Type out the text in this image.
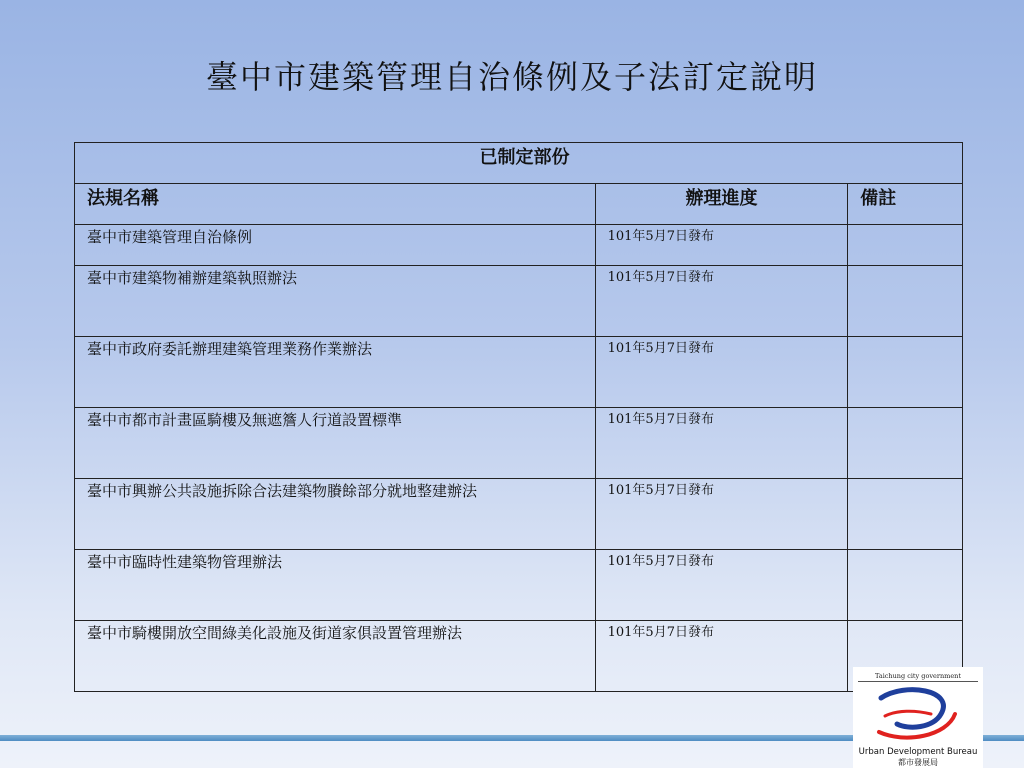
臺中市建築管理自治條例及子法訂定說明
已制定部份		
法規名稱	辦理進度	備註
臺中市建築管理自治條例	101年5月7日發布	
臺中市建築物補辦建築執照辦法	101年5月7日發布	
臺中市政府委託辦理建築管理業務作業辦法	101年5月7日發布	
臺中市都市計畫區騎樓及無遮簷人行道設置標準	101年5月7日發布	
臺中市興辦公共設施拆除合法建築物賸餘部分就地整建辦法	101年5月7日發布	
臺中市臨時性建築物管理辦法	101年5月7日發布	
臺中市騎樓開放空間綠美化設施及街道家俱設置管理辦法	101年5月7日發布	
Taichung city government
Urban Development Bureau
都市發展局
